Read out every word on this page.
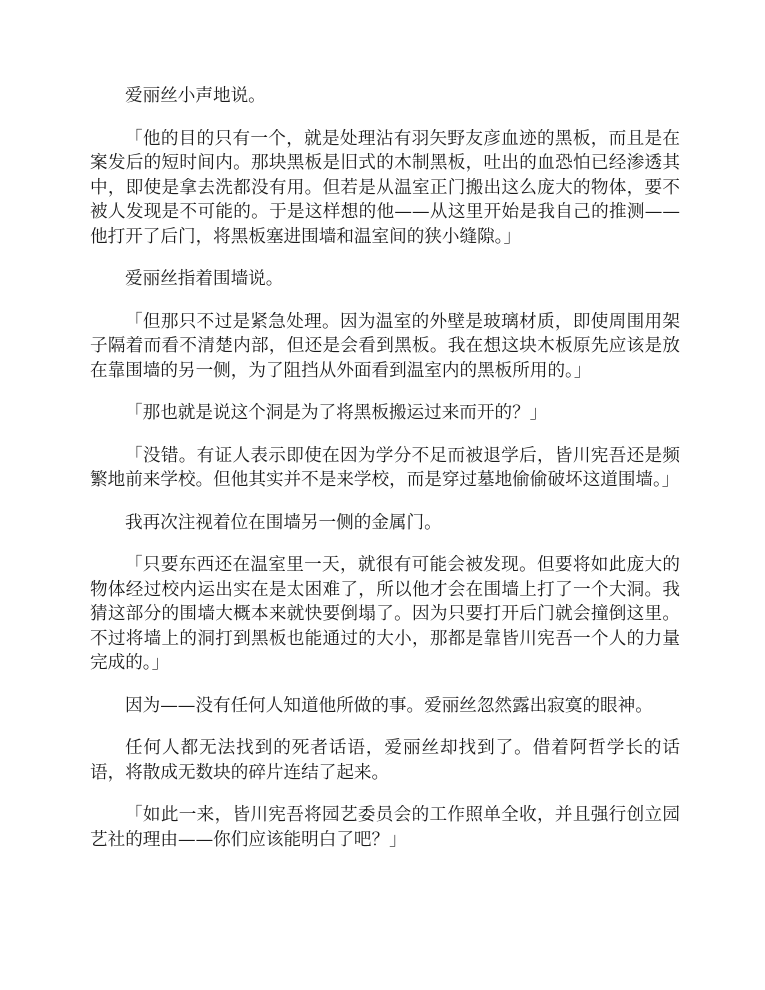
爱丽丝小声地说。

「他的目的只有一个，就是处理沾有羽矢野友彦血迹的黑板，而且是在案发后的短时间内。那块黑板是旧式的木制黑板，吐出的血恐怕已经渗透其中，即使是拿去洗都没有用。但若是从温室正门搬出这么庞大的物体，要不被人发现是不可能的。于是这样想的他——从这里开始是我自己的推测——他打开了后门，将黑板塞进围墙和温室间的狭小缝隙。」

爱丽丝指着围墙说。

「但那只不过是紧急处理。因为温室的外壁是玻璃材质，即使周围用架子隔着而看不清楚内部，但还是会看到黑板。我在想这块木板原先应该是放在靠围墙的另一侧，为了阻挡从外面看到温室内的黑板所用的。」

「那也就是说这个洞是为了将黑板搬运过来而开的？」

「没错。有证人表示即使在因为学分不足而被退学后，皆川宪吾还是频繁地前来学校。但他其实并不是来学校，而是穿过墓地偷偷破坏这道围墙。」

我再次注视着位在围墙另一侧的金属门。

「只要东西还在温室里一天，就很有可能会被发现。但要将如此庞大的物体经过校内运出实在是太困难了，所以他才会在围墙上打了一个大洞。我猜这部分的围墙大概本来就快要倒塌了。因为只要打开后门就会撞倒这里。不过将墙上的洞打到黑板也能通过的大小，那都是靠皆川宪吾一个人的力量完成的。」

因为——没有任何人知道他所做的事。爱丽丝忽然露出寂寞的眼神。

任何人都无法找到的死者话语，爱丽丝却找到了。借着阿哲学长的话语，将散成无数块的碎片连结了起来。

「如此一来，皆川宪吾将园艺委员会的工作照单全收，并且强行创立园艺社的理由——你们应该能明白了吧？」
